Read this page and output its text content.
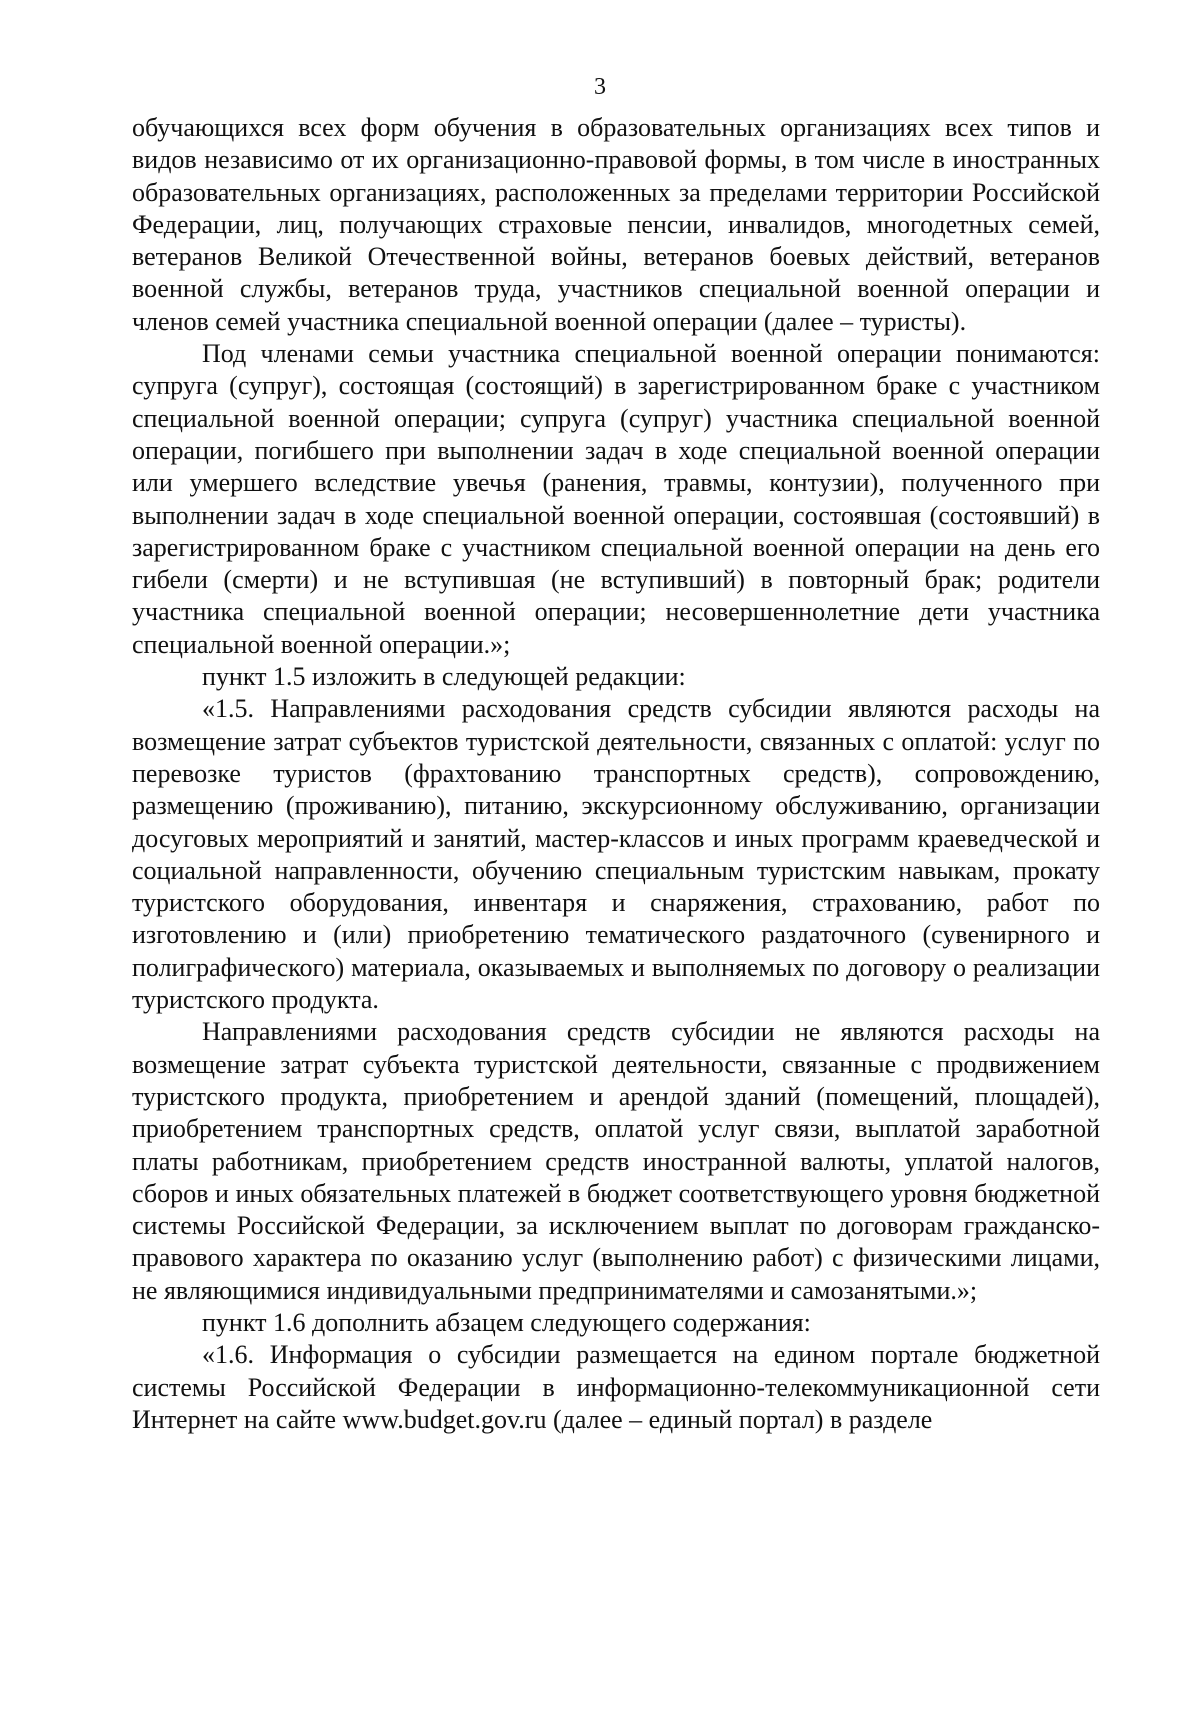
3

обучающихся всех форм обучения в образовательных организациях всех типов и видов независимо от их организационно-правовой формы, в том числе в иностранных образовательных организациях, расположенных за пределами территории Российской Федерации, лиц, получающих страховые пенсии, инвалидов, многодетных семей, ветеранов Великой Отечественной войны, ветеранов боевых действий, ветеранов военной службы, ветеранов труда, участников специальной военной операции и членов семей участника специальной военной операции (далее – туристы).

Под членами семьи участника специальной военной операции понимаются: супруга (супруг), состоящая (состоящий) в зарегистрированном браке с участником специальной военной операции; супруга (супруг) участника специальной военной операции, погибшего при выполнении задач в ходе специальной военной операции или умершего вследствие увечья (ранения, травмы, контузии), полученного при выполнении задач в ходе специальной военной операции, состоявшая (состоявший) в зарегистрированном браке с участником специальной военной операции на день его гибели (смерти) и не вступившая (не вступивший) в повторный брак; родители участника специальной военной операции; несовершеннолетние дети участника специальной военной операции.»;

пункт 1.5 изложить в следующей редакции:

«1.5. Направлениями расходования средств субсидии являются расходы на возмещение затрат субъектов туристской деятельности, связанных с оплатой: услуг по перевозке туристов (фрахтованию транспортных средств), сопровождению, размещению (проживанию), питанию, экскурсионному обслуживанию, организации досуговых мероприятий и занятий, мастер-классов и иных программ краеведческой и социальной направленности, обучению специальным туристским навыкам, прокату туристского оборудования, инвентаря и снаряжения, страхованию, работ по изготовлению и (или) приобретению тематического раздаточного (сувенирного и полиграфического) материала, оказываемых и выполняемых по договору о реализации туристского продукта.

Направлениями расходования средств субсидии не являются расходы на возмещение затрат субъекта туристской деятельности, связанные с продвижением туристского продукта, приобретением и арендой зданий (помещений, площадей), приобретением транспортных средств, оплатой услуг связи, выплатой заработной платы работникам, приобретением средств иностранной валюты, уплатой налогов, сборов и иных обязательных платежей в бюджет соответствующего уровня бюджетной системы Российской Федерации, за исключением выплат по договорам гражданско-правового характера по оказанию услуг (выполнению работ) с физическими лицами, не являющимися индивидуальными предпринимателями и самозанятыми.»;

пункт 1.6 дополнить абзацем следующего содержания:

«1.6. Информация о субсидии размещается на едином портале бюджетной системы Российской Федерации в информационно-телекоммуникационной сети Интернет на сайте www.budget.gov.ru (далее – единый портал) в разделе
